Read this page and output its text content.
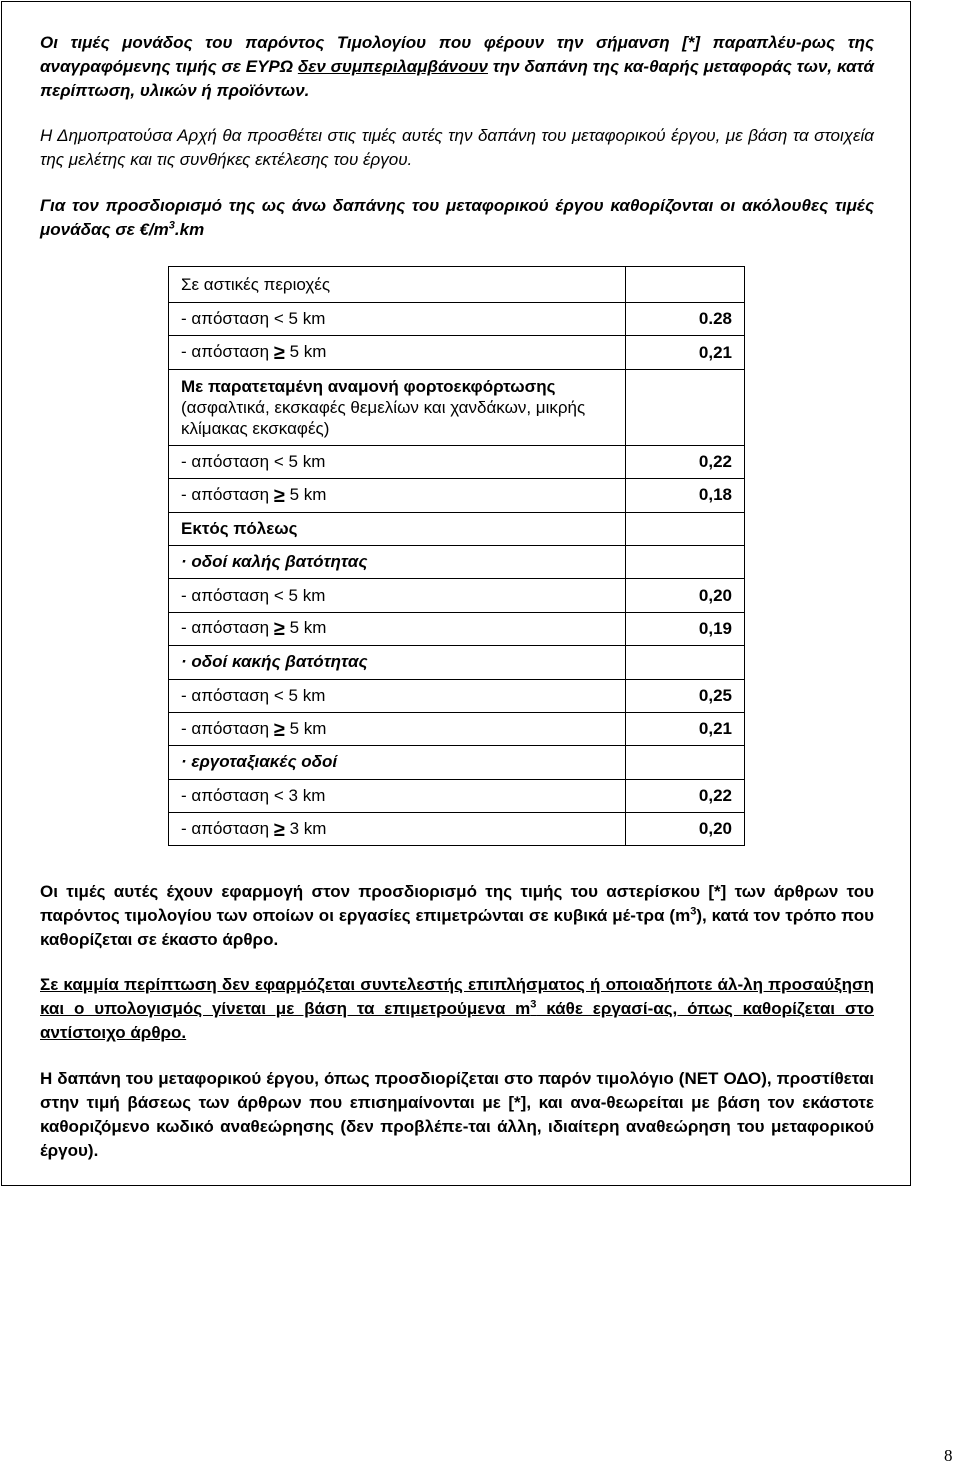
Οι τιμές μονάδος του παρόντος Τιμολογίου που φέρουν την σήμανση [*] παραπλέυ-ρως της αναγραφόμενης τιμής σε ΕΥΡΩ δεν συμπεριλαμβάνουν την δαπάνη της κα-θαρής μεταφοράς των, κατά περίπτωση, υλικών ή προϊόντων.

Η Δημοπρατούσα Αρχή θα προσθέτει στις τιμές αυτές την δαπάνη του μεταφορικού έργου, με βάση τα στοιχεία της μελέτης και τις συνθήκες εκτέλεσης του έργου.

Για τον προσδιορισμό της ως άνω δαπάνης του μεταφορικού έργου καθορίζονται οι ακόλουθες τιμές μονάδας σε $€/m^3.km$

Σε αστικές περιοχές	
- απόσταση < 5 km	0.28
- απόσταση ≥ 5 km	0,21
Με παρατεταμένη αναμονή φορτοεκφόρτωσης (ασφαλτικά, εκσκαφές θεμελίων και χανδάκων, μικρής κλίμακας εκσκαφές)	
- απόσταση < 5 km	0,22
- απόσταση ≥ 5 km	0,18
Εκτός πόλεως	
· οδοί καλής βατότητας	
- απόσταση < 5 km	0,20
- απόσταση ≥ 5 km	0,19
· οδοί κακής βατότητας	
- απόσταση < 5 km	0,25
- απόσταση ≥ 5 km	0,21
· εργοταξιακές οδοί	
- απόσταση < 3 km	0,22
- απόσταση ≥ 3 km	0,20

Οι τιμές αυτές έχουν εφαρμογή στον προσδιορισμό της τιμής του αστερίσκου [*] των άρθρων του παρόντος τιμολογίου των οποίων οι εργασίες επιμετρώνται σε κυβικά μέ-τρα $(m^3)$, κατά τον τρόπο που καθορίζεται σε έκαστο άρθρο.

Σε καμμία περίπτωση δεν εφαρμόζεται συντελεστής επιπλήσματος ή οποιαδήποτε άλ-λη προσαύξηση και ο υπολογισμός γίνεται με βάση τα επιμετρούμενα $m^3$ κάθε εργασί-ας, όπως καθορίζεται στο αντίστοιχο άρθρο.

Η δαπάνη του μεταφορικού έργου, όπως προσδιορίζεται στο παρόν τιμολόγιο (ΝΕΤ ΟΔΟ), προστίθεται στην τιμή βάσεως των άρθρων που επισημαίνονται με [*], και ανα-θεωρείται με βάση τον εκάστοτε καθοριζόμενο κωδικό αναθεώρησης (δεν προβλέπε-ται άλλη, ιδιαίτερη αναθεώρηση του μεταφορικού έργου).

8
